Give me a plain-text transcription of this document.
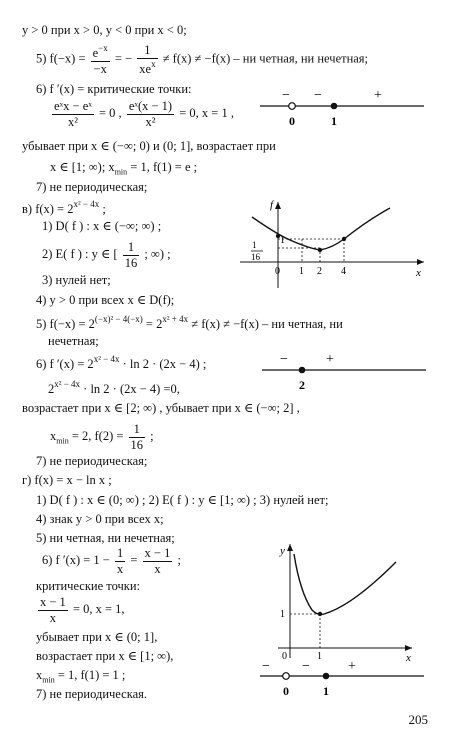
y > 0 при x > 0, y < 0 при x < 0;
5) $f(-x) = \frac{e^{-x}}{-x}$ = −
1
$xe^x \ne f(x) \ne -f(x)$ – ни четная, ни нечетная;
6) f ′(x) = критические точки:
eˣx − eˣ
x²
= 0 , $\frac{\text{eˣ(x − 1)}}{\text{x²}} = 0$, x = 1 ,
− −	+
0	1
убывает при x ∈ (−∞; 0) и (0; 1], возрастает при
x ∈ [1; ∞); $x_{min} = 1$, f(1) = e ;
7) не периодическая;
в) $f(x) = 2^{x^2 - 4x}$ ;
1) D( f ) : x ∈ (−∞; ∞) ;
2) E( f ) : y ∈ [ $\frac{1}{16}$ ; ∞) ;
3) нулей нет;
f
x
1
1
16
0 1 2 4
4) y > 0 при всех x ∈ D(f);
5) $f(-x) = 2^{(-x)^2 - 4(-x)} = 2^{x^2 + 4x} \ne f(x) \ne -f(x)$ – ни четная, ни
нечетная;
6) f $'(x) = 2^{x^2 - 4x} \cdot \ln 2 \cdot (2x - 4)$ ;
$2^{x^2 - 4x} \cdot \ln 2 \cdot (2x - 4) =0$,
−	+
2
возрастает при x ∈ [2; ∞) , убывает при x ∈ (−∞; 2] ,
$x_{min} = 2$, $f(2) = \frac{1}{16}$ ;
7) не периодическая;
г) f(x) = x − ln x ;
1) D( f ) : x ∈ (0; ∞) ; 2) E( f ) : y ∈ [1; ∞) ; 3) нулей нет;
4) знак y > 0 при всех x;
5) ни четная, ни нечетная;
6) f $'(x) = 1 - \frac{1}{x} = \frac{x - 1}{x}$ ;
критические точки:
$\frac{x - 1}{x} = 0$, x = 1,
убывает при x ∈ (0; 1],
возрастает при x ∈ [1; ∞),
$x_{min} = 1$, f(1) = 1 ;
7) не периодическая.
y
x
1
0	1
− −	+
0	1
205
